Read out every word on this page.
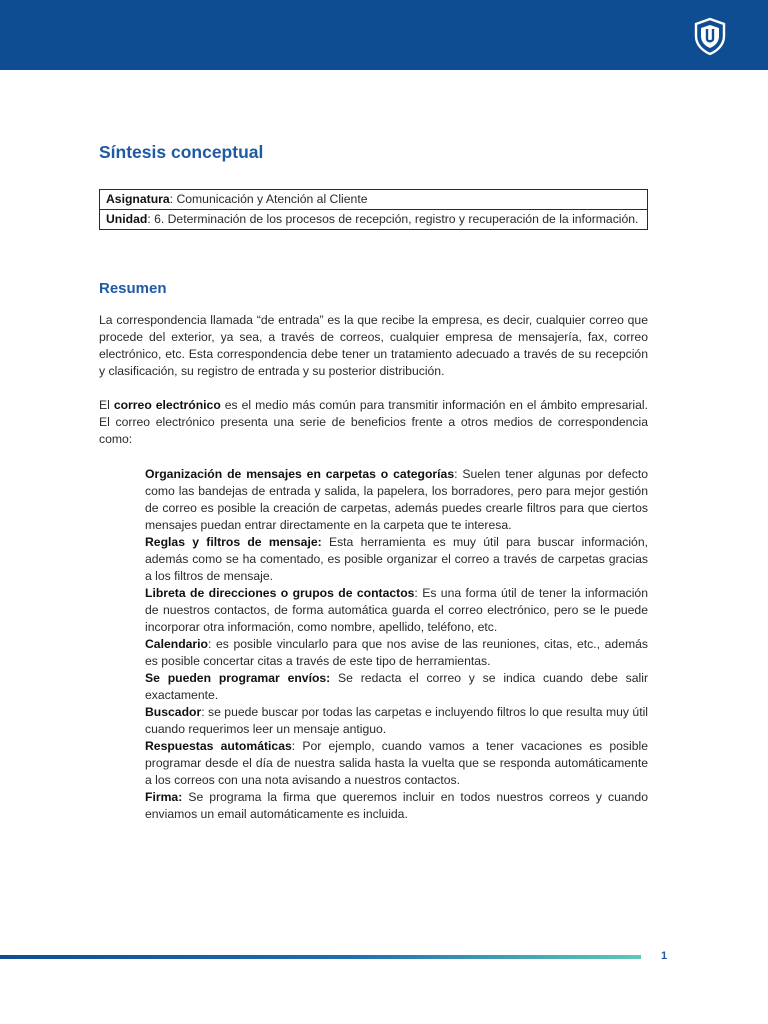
Síntesis conceptual
Asignatura: Comunicación y Atención al Cliente
Unidad: 6. Determinación de los procesos de recepción, registro y recuperación de la información.
Resumen

La correspondencia llamada “de entrada” es la que recibe la empresa, es decir, cualquier correo que procede del exterior, ya sea, a través de correos, cualquier empresa de mensajería, fax, correo electrónico, etc. Esta correspondencia debe tener un tratamiento adecuado a través de su recepción y clasificación, su registro de entrada y su posterior distribución.

El correo electrónico es el medio más común para transmitir información en el ámbito empresarial. El correo electrónico presenta una serie de beneficios frente a otros medios de correspondencia como:

Organización de mensajes en carpetas o categorías: Suelen tener algunas por defecto como las bandejas de entrada y salida, la papelera, los borradores, pero para mejor gestión de correo es posible la creación de carpetas, además puedes crearle filtros para que ciertos mensajes puedan entrar directamente en la carpeta que te interesa.
Reglas y filtros de mensaje: Esta herramienta es muy útil para buscar información, además como se ha comentado, es posible organizar el correo a través de carpetas gracias a los filtros de mensaje.
Libreta de direcciones o grupos de contactos: Es una forma útil de tener la información de nuestros contactos, de forma automática guarda el correo electrónico, pero se le puede incorporar otra información, como nombre, apellido, teléfono, etc.
Calendario: es posible vincularlo para que nos avise de las reuniones, citas, etc., además es posible concertar citas a través de este tipo de herramientas.
Se pueden programar envíos: Se redacta el correo y se indica cuando debe salir exactamente.
Buscador: se puede buscar por todas las carpetas e incluyendo filtros lo que resulta muy útil cuando requerimos leer un mensaje antiguo.
Respuestas automáticas: Por ejemplo, cuando vamos a tener vacaciones es posible programar desde el día de nuestra salida hasta la vuelta que se responda automáticamente a los correos con una nota avisando a nuestros contactos.
Firma: Se programa la firma que queremos incluir en todos nuestros correos y cuando enviamos un email automáticamente es incluida.
1
